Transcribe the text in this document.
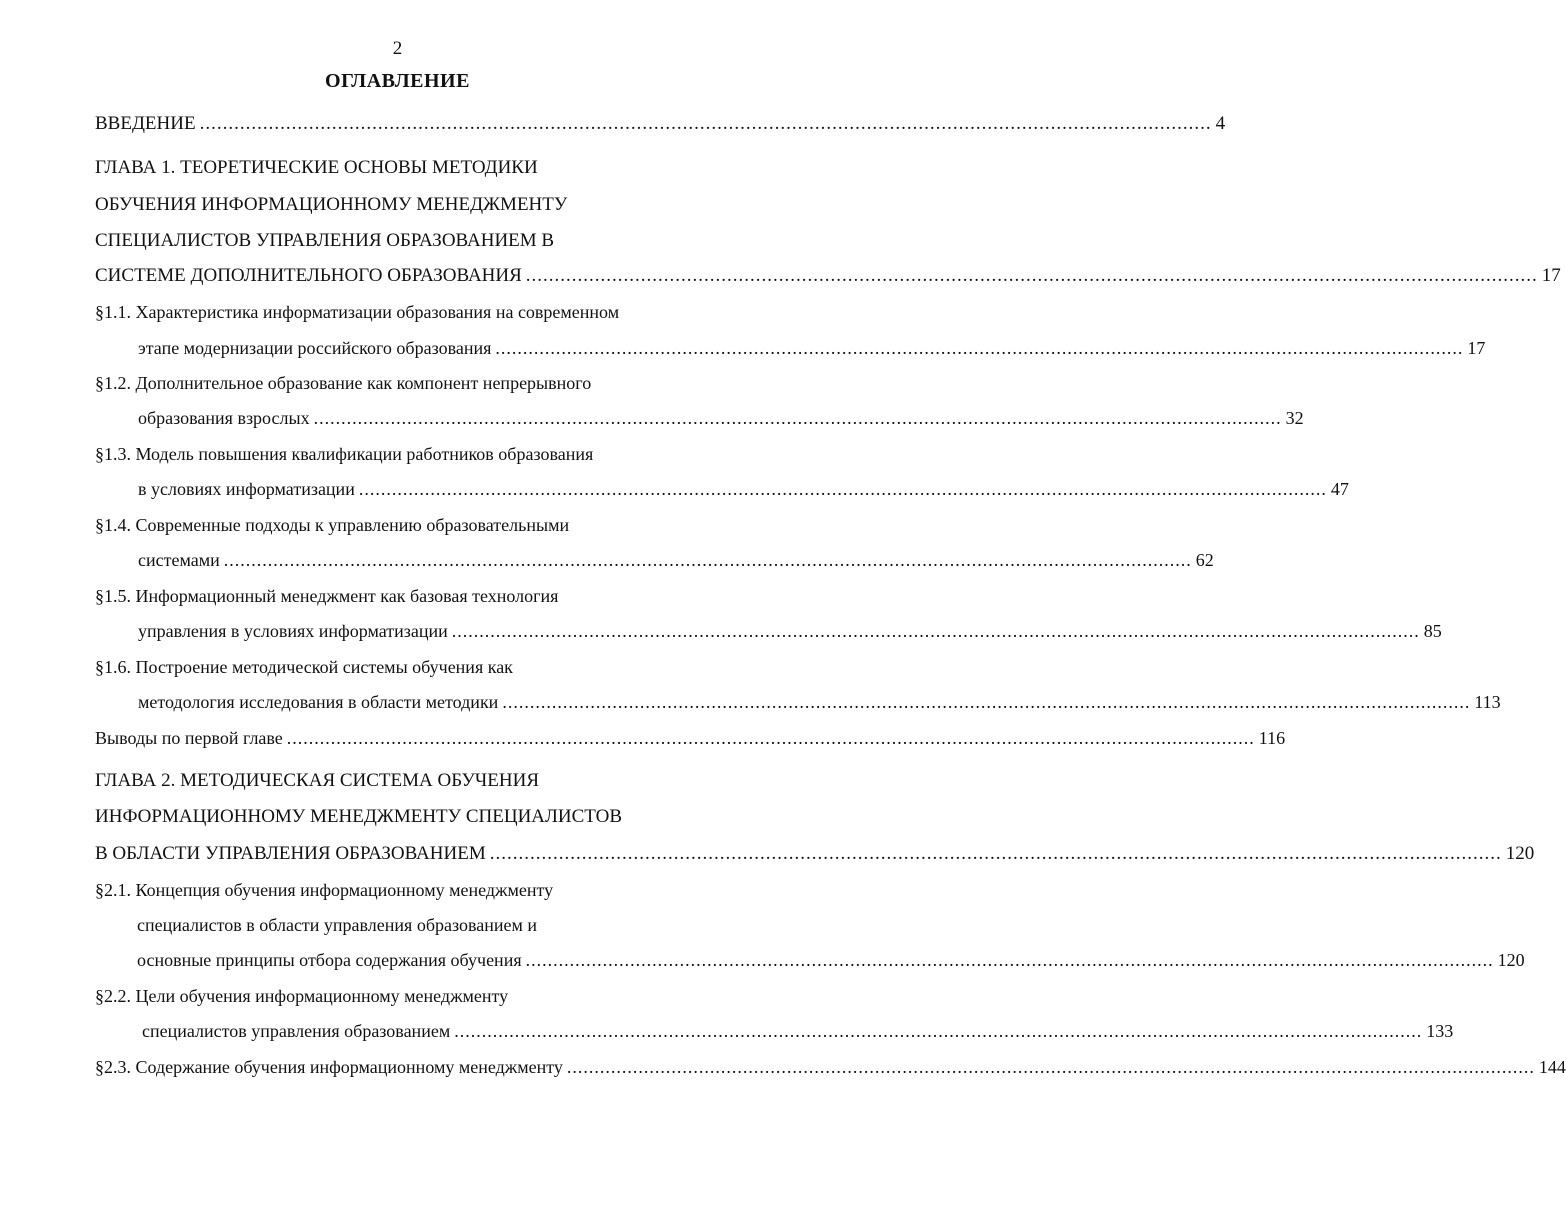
2
ОГЛАВЛЕНИЕ
ВВЕДЕНИЕ ................................................................................................................................................................................ 4
ГЛАВА 1. ТЕОРЕТИЧЕСКИЕ ОСНОВЫ МЕТОДИКИ
ОБУЧЕНИЯ ИНФОРМАЦИОННОМУ МЕНЕДЖМЕНТУ
СПЕЦИАЛИСТОВ УПРАВЛЕНИЯ ОБРАЗОВАНИЕМ В
СИСТЕМЕ ДОПОЛНИТЕЛЬНОГО ОБРАЗОВАНИЯ ................................................................................................................................................................................ 17
§1.1. Характеристика информатизации образования на современном
этапе модернизации российского образования ................................................................................................................................................................................ 17
§1.2. Дополнительное образование как компонент непрерывного
образования взрослых ................................................................................................................................................................................ 32
§1.3. Модель повышения квалификации работников образования
в условиях информатизации ................................................................................................................................................................................ 47
§1.4. Современные подходы к управлению образовательными
системами ................................................................................................................................................................................ 62
§1.5. Информационный менеджмент как базовая технология
управления в условиях информатизации ................................................................................................................................................................................ 85
§1.6. Построение методической системы обучения как
методология исследования в области методики ................................................................................................................................................................................ 113
Выводы по первой главе ................................................................................................................................................................................ 116
ГЛАВА 2. МЕТОДИЧЕСКАЯ СИСТЕМА ОБУЧЕНИЯ
ИНФОРМАЦИОННОМУ МЕНЕДЖМЕНТУ СПЕЦИАЛИСТОВ
В ОБЛАСТИ УПРАВЛЕНИЯ ОБРАЗОВАНИЕМ ................................................................................................................................................................................ 120
§2.1. Концепция обучения информационному менеджменту
специалистов в области управления образованием и
основные принципы отбора содержания обучения ................................................................................................................................................................................ 120
§2.2. Цели обучения информационному менеджменту
специалистов управления образованием ................................................................................................................................................................................ 133
§2.3. Содержание обучения информационному менеджменту ................................................................................................................................................................................ 144
